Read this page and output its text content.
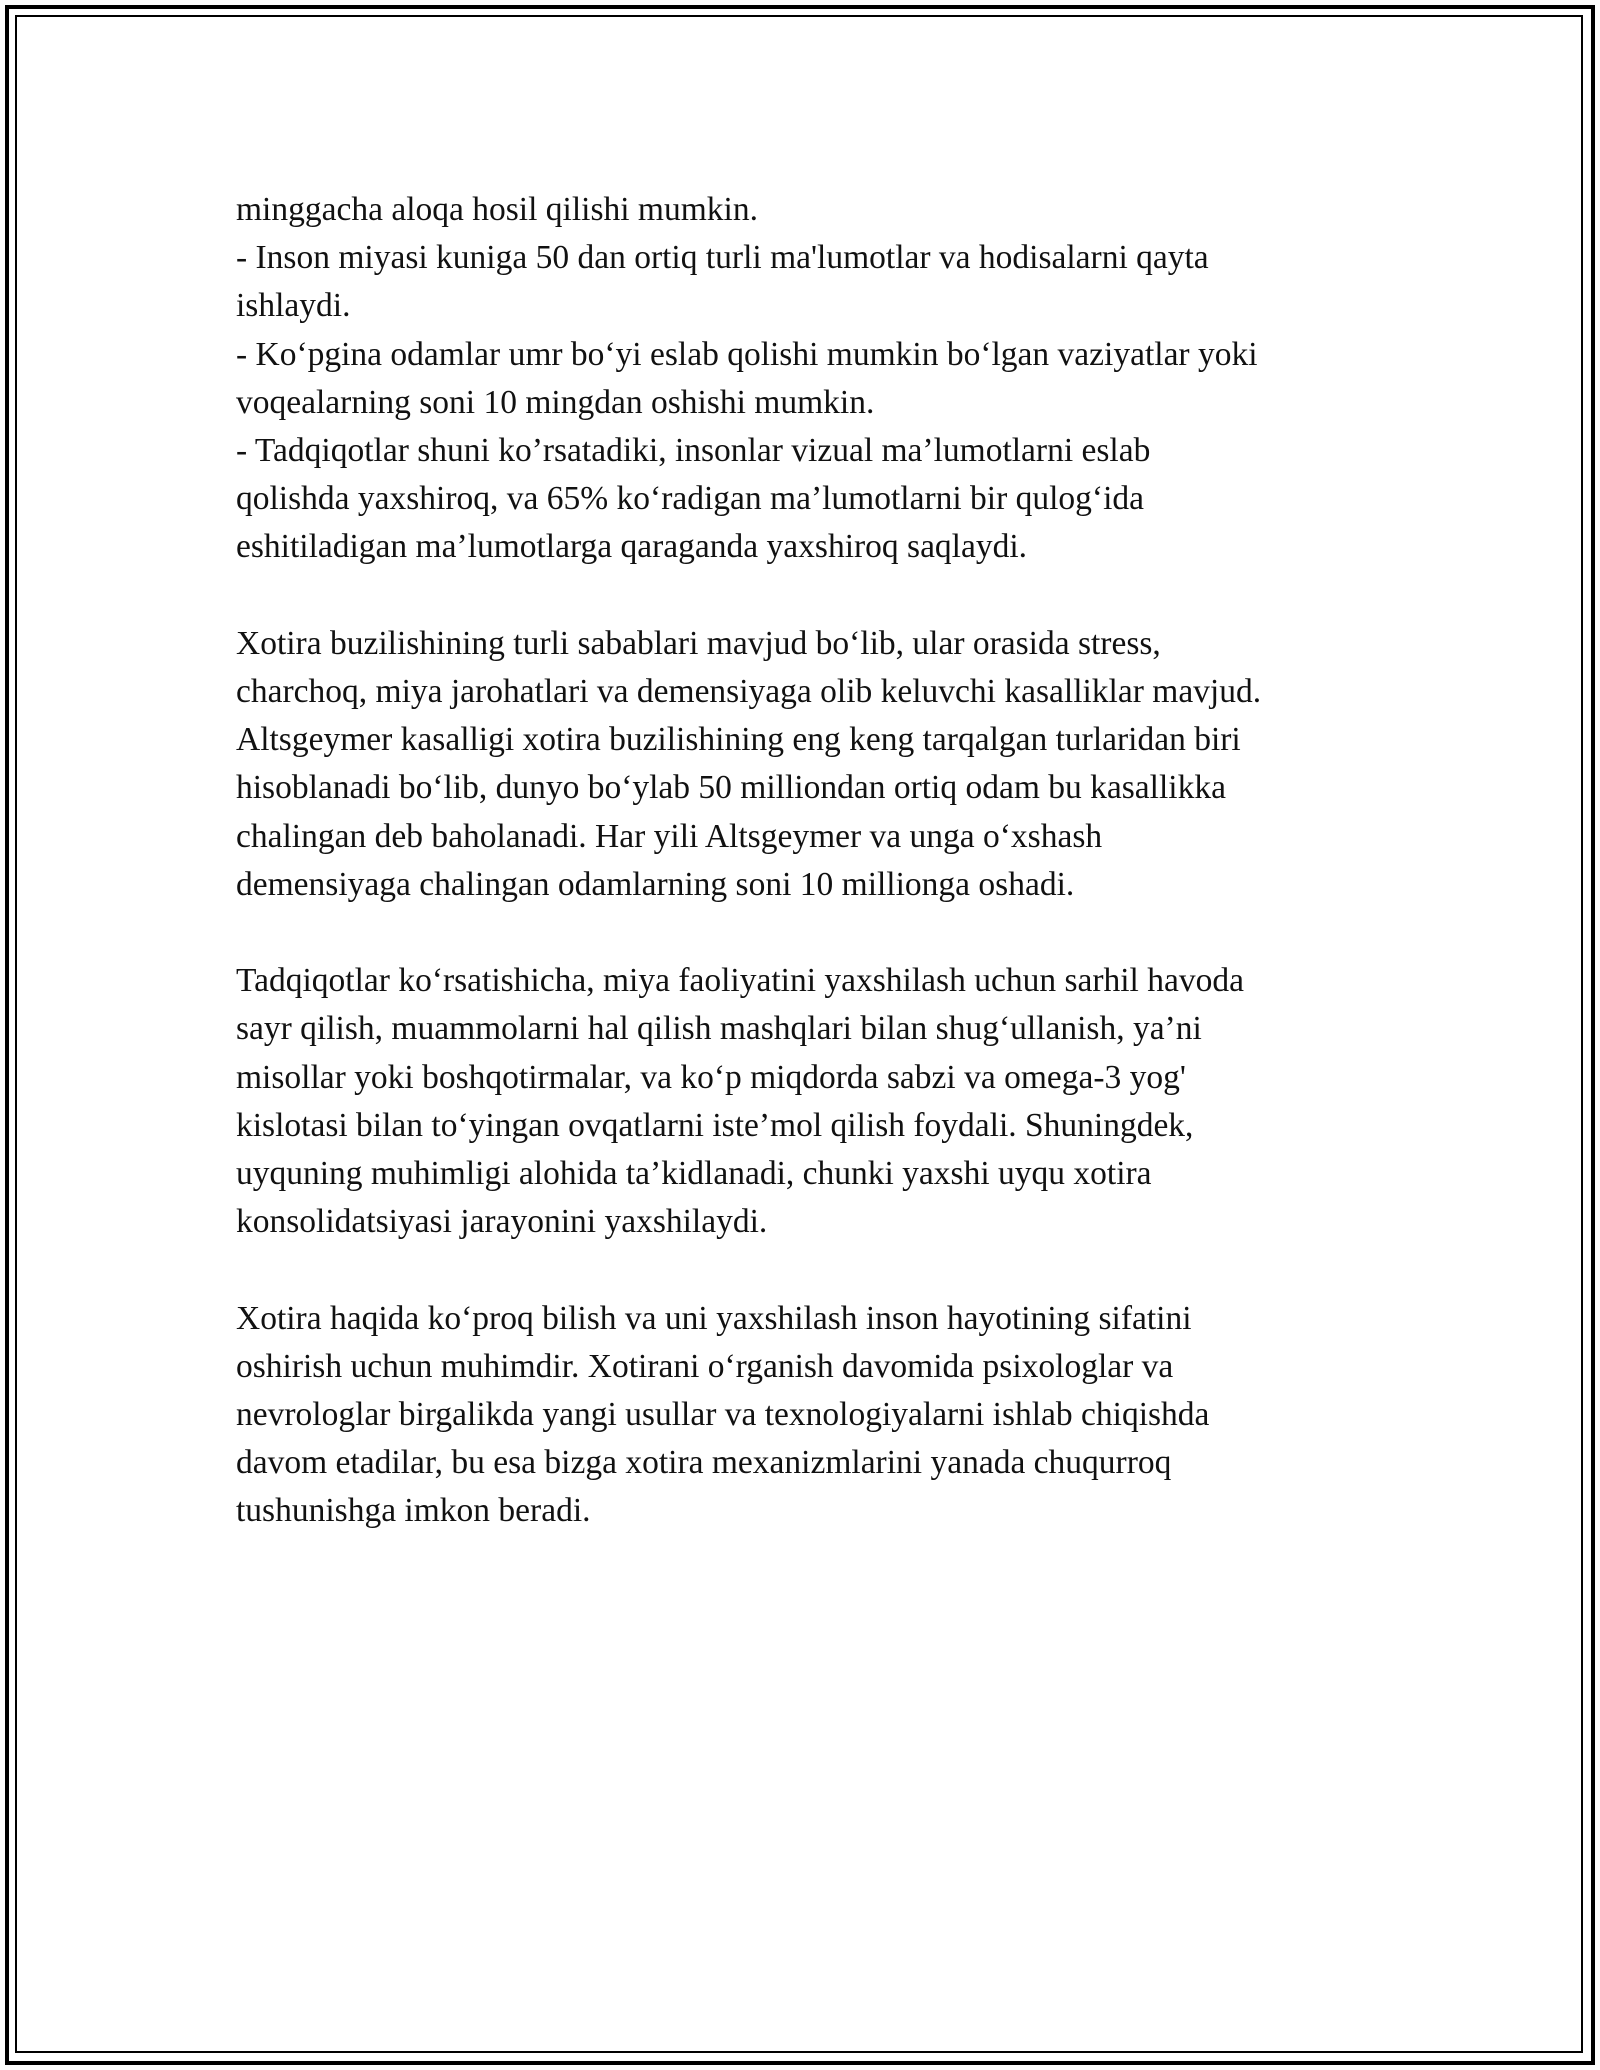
minggacha aloqa hosil qilishi mumkin.
- Inson miyasi kuniga 50 dan ortiq turli ma'lumotlar va hodisalarni qayta
ishlaydi.
- Koʻpgina odamlar umr boʻyi eslab qolishi mumkin boʻlgan vaziyatlar yoki
voqealarning soni 10 mingdan oshishi mumkin.
- Tadqiqotlar shuni ko’rsatadiki, insonlar vizual ma’lumotlarni eslab
qolishda yaxshiroq, va 65% koʻradigan ma’lumotlarni bir qulogʻida
eshitiladigan ma’lumotlarga qaraganda yaxshiroq saqlaydi.
Xotira buzilishining turli sabablari mavjud boʻlib, ular orasida stress,
charchoq, miya jarohatlari va demensiyaga olib keluvchi kasalliklar mavjud.
Altsgeymer kasalligi xotira buzilishining eng keng tarqalgan turlaridan biri
hisoblanadi boʻlib, dunyo boʻylab 50 milliondan ortiq odam bu kasallikka
chalingan deb baholanadi. Har yili Altsgeymer va unga oʻxshash
demensiyaga chalingan odamlarning soni 10 millionga oshadi.
Tadqiqotlar koʻrsatishicha, miya faoliyatini yaxshilash uchun sarhil havoda
sayr qilish, muammolarni hal qilish mashqlari bilan shugʻullanish, ya’ni
misollar yoki boshqotirmalar, va koʻp miqdorda sabzi va omega-3 yog'
kislotasi bilan toʻyingan ovqatlarni iste’mol qilish foydali. Shuningdek,
uyquning muhimligi alohida ta’kidlanadi, chunki yaxshi uyqu xotira
konsolidatsiyasi jarayonini yaxshilaydi.
Xotira haqida koʻproq bilish va uni yaxshilash inson hayotining sifatini
oshirish uchun muhimdir. Xotirani oʻrganish davomida psixologlar va
nevrologlar birgalikda yangi usullar va texnologiyalarni ishlab chiqishda
davom etadilar, bu esa bizga xotira mexanizmlarini yanada chuqurroq
tushunishga imkon beradi.
